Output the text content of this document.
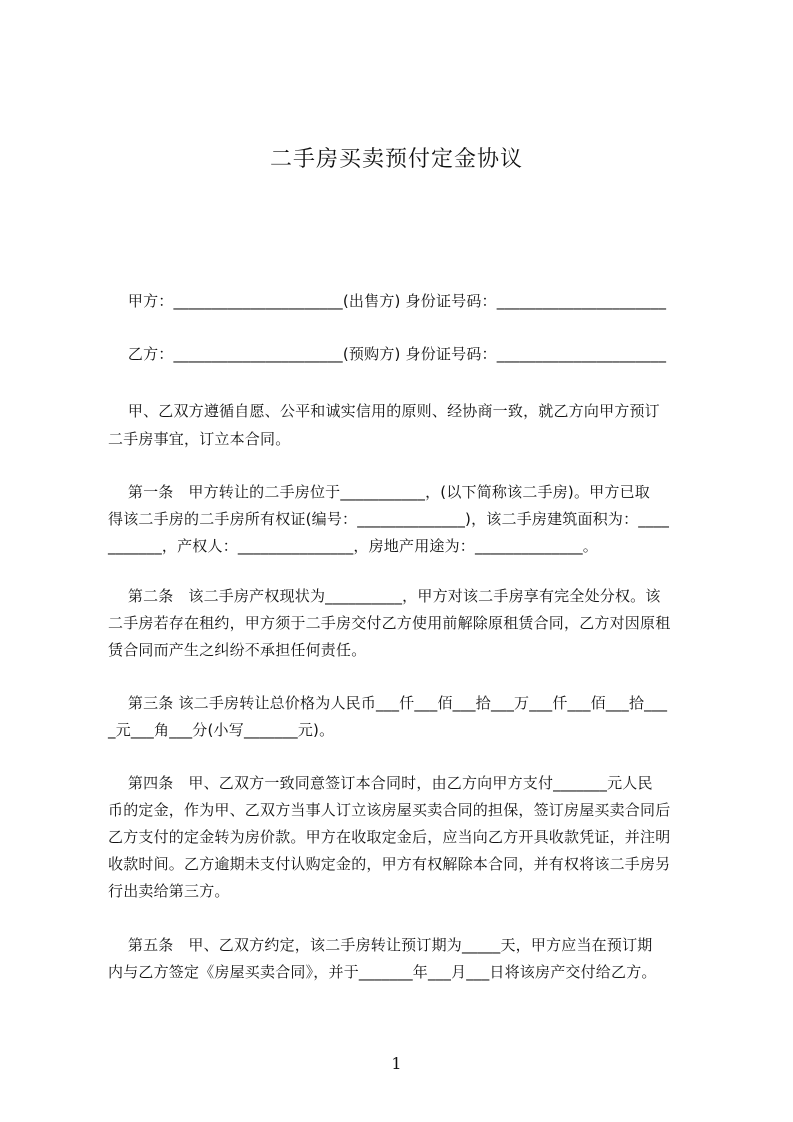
二手房买卖预付定金协议
甲方：______________________(出售方) 身份证号码：______________________
乙方：______________________(预购方) 身份证号码：______________________
甲、乙双方遵循自愿、公平和诚实信用的原则、经协商一致，就乙方向甲方预订
二手房事宜，订立本合同。
第一条   甲方转让的二手房位于___________，(以下简称该二手房)。甲方已取
得该二手房的二手房所有权证(编号：______________)，该二手房建筑面积为：____
_______，产权人：_______________，房地产用途为：______________。
第二条   该二手房产权现状为__________，甲方对该二手房享有完全处分权。该
二手房若存在租约，甲方须于二手房交付乙方使用前解除原租赁合同，乙方对因原租
赁合同而产生之纠纷不承担任何责任。
第三条 该二手房转让总价格为人民币___仟___佰___拾___万___仟___佰___拾___
_元___角___分(小写_______元)。
第四条   甲、乙双方一致同意签订本合同时，由乙方向甲方支付_______元人民
币的定金，作为甲、乙双方当事人订立该房屋买卖合同的担保，签订房屋买卖合同后
乙方支付的定金转为房价款。甲方在收取定金后，应当向乙方开具收款凭证，并注明
收款时间。乙方逾期未支付认购定金的，甲方有权解除本合同，并有权将该二手房另
行出卖给第三方。
第五条   甲、乙双方约定，该二手房转让预订期为_____天，甲方应当在预订期
内与乙方签定《房屋买卖合同》，并于_______年___月___日将该房产交付给乙方。
1
